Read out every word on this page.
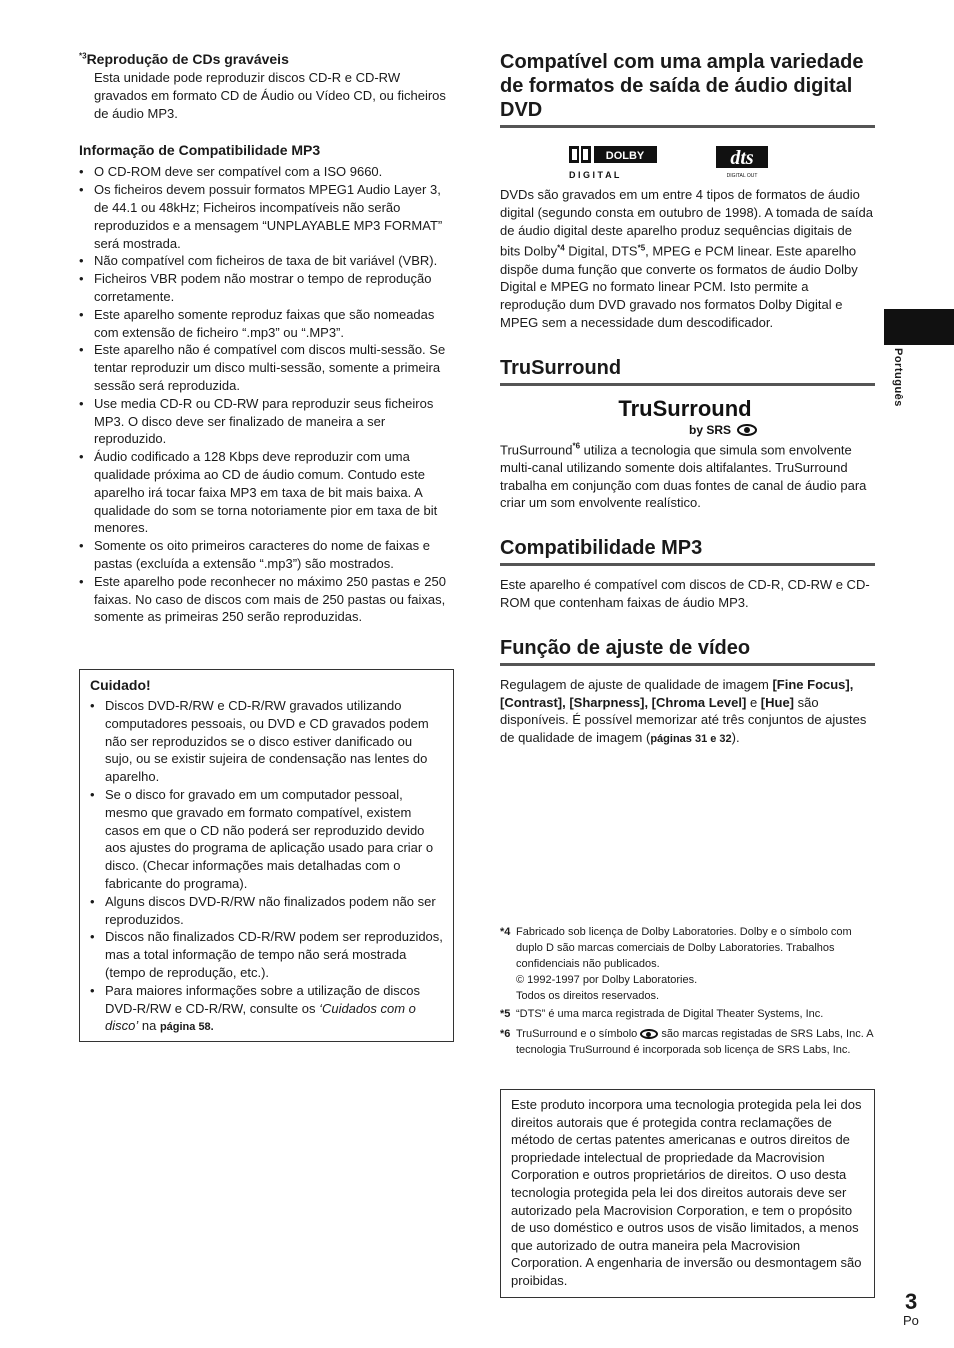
$^{*3}$Reprodução de CDs graváveis

Esta unidade pode reproduzir discos CD-R e CD-RW gravados em formato CD de Áudio ou Vídeo CD, ou ficheiros de áudio MP3.

Informação de Compatibilidade MP3

• O CD-ROM deve ser compatível com a ISO 9660.
• Os ficheiros devem possuir formatos MPEG1 Audio Layer 3, de 44.1 ou 48kHz; Ficheiros incompatíveis não serão reproduzidos e a mensagem “UNPLAYABLE MP3 FORMAT” será mostrada.
• Não compatível com ficheiros de taxa de bit variável (VBR).
• Ficheiros VBR podem não mostrar o tempo de reprodução corretamente.
• Este aparelho somente reproduz faixas que são nomeadas com extensão de ficheiro “.mp3” ou “.MP3”.
• Este aparelho não é compatível com discos multi-sessão. Se tentar reproduzir um disco multi-sessão, somente a primeira sessão será reproduzida.
• Use media CD-R ou CD-RW para reproduzir seus ficheiros MP3. O disco deve ser finalizado de maneira a ser reproduzido.
• Áudio codificado a 128 Kbps deve reproduzir com uma qualidade próxima ao CD de áudio comum. Contudo este aparelho irá tocar faixa MP3 em taxa de bit mais baixa. A qualidade do som se torna notoriamente pior em taxa de bit menores.
• Somente os oito primeiros caracteres do nome de faixas e pastas (excluída a extensão “.mp3”) são mostrados.
• Este aparelho pode reconhecer no máximo 250 pastas e 250 faixas. No caso de discos com mais de 250 pastas ou faixas, somente as primeiras 250 serão reproduzidas.

Cuidado!

• Discos DVD-R/RW e CD-R/RW gravados utilizando computadores pessoais, ou DVD e CD gravados podem não ser reproduzidos se o disco estiver danificado ou sujo, ou se existir sujeira de condensação nas lentes do aparelho.
• Se o disco for gravado em um computador pessoal, mesmo que gravado em formato compatível, existem casos em que o CD não poderá ser reproduzido devido aos ajustes do programa de aplicação usado para criar o disco. (Checar informações mais detalhadas com o fabricante do programa).
• Alguns discos DVD-R/RW não finalizados podem não ser reproduzidos.
• Discos não finalizados CD-R/RW podem ser reproduzidos, mas a total informação de tempo não será mostrada (tempo de reprodução, etc.).
• Para maiores informações sobre a utilização de discos DVD-R/RW e CD-R/RW, consulte os ‘Cuidados com o disco’ na página 58.
Compatível com uma ampla variedade de formatos de saída de áudio digital DVD
DOLBY
D I G I T A L
dts
DIGITAL OUT

DVDs são gravados em um entre 4 tipos de formatos de áudio digital (segundo consta em outubro de 1998). A tomada de saída de áudio digital deste aparelho produz sequências digitais de bits Dolby$^{*4}$ Digital, DTS$^{*5}$, MPEG e PCM linear. Este aparelho dispõe duma função que converte os formatos de áudio Dolby Digital e MPEG no formato linear PCM. Isto permite a reprodução dum DVD gravado nos formatos Dolby Digital e MPEG sem a necessidade dum descodificador.

TruSurround
TruSurround
by SRS

TruSurround$^{*6}$ utiliza a tecnologia que simula som envolvente multi-canal utilizando somente dois altifalantes. TruSurround trabalha em conjunção com duas fontes de canal de áudio para criar um som envolvente realístico.

Compatibilidade MP3

Este aparelho é compatível com discos de CD-R, CD-RW e CD-ROM que contenham faixas de áudio MP3.

Função de ajuste de vídeo

Regulagem de ajuste de qualidade de imagem [Fine Focus], [Contrast], [Sharpness], [Chroma Level] e [Hue] são disponíveis. É possível memorizar até três conjuntos de ajustes de qualidade de imagem (páginas 31 e 32).

*4 Fabricado sob licença de Dolby Laboratories. Dolby e o símbolo com duplo D são marcas comerciais de Dolby Laboratories. Trabalhos confidenciais não publicados.
© 1992-1997 por Dolby Laboratories.
Todos os direitos reservados.
*5 “DTS” é uma marca registrada de Digital Theater Systems, Inc.
*6 TruSurround e o símbolo
são marcas registadas de SRS Labs, Inc. A tecnologia TruSurround é incorporada sob licença de SRS Labs, Inc.
Este produto incorpora uma tecnologia protegida pela lei dos direitos autorais que é protegida contra reclamações de método de certas patentes americanas e outros direitos de propriedade intelectual de propriedade da Macrovision Corporation e outros proprietários de direitos. O uso desta tecnologia protegida pela lei dos direitos autorais deve ser autorizado pela Macrovision Corporation, e tem o propósito de uso doméstico e outros usos de visão limitados, a menos que autorizado de outra maneira pela Macrovision Corporation. A engenharia de inversão ou desmontagem são proibidas.
Português
3
Po
